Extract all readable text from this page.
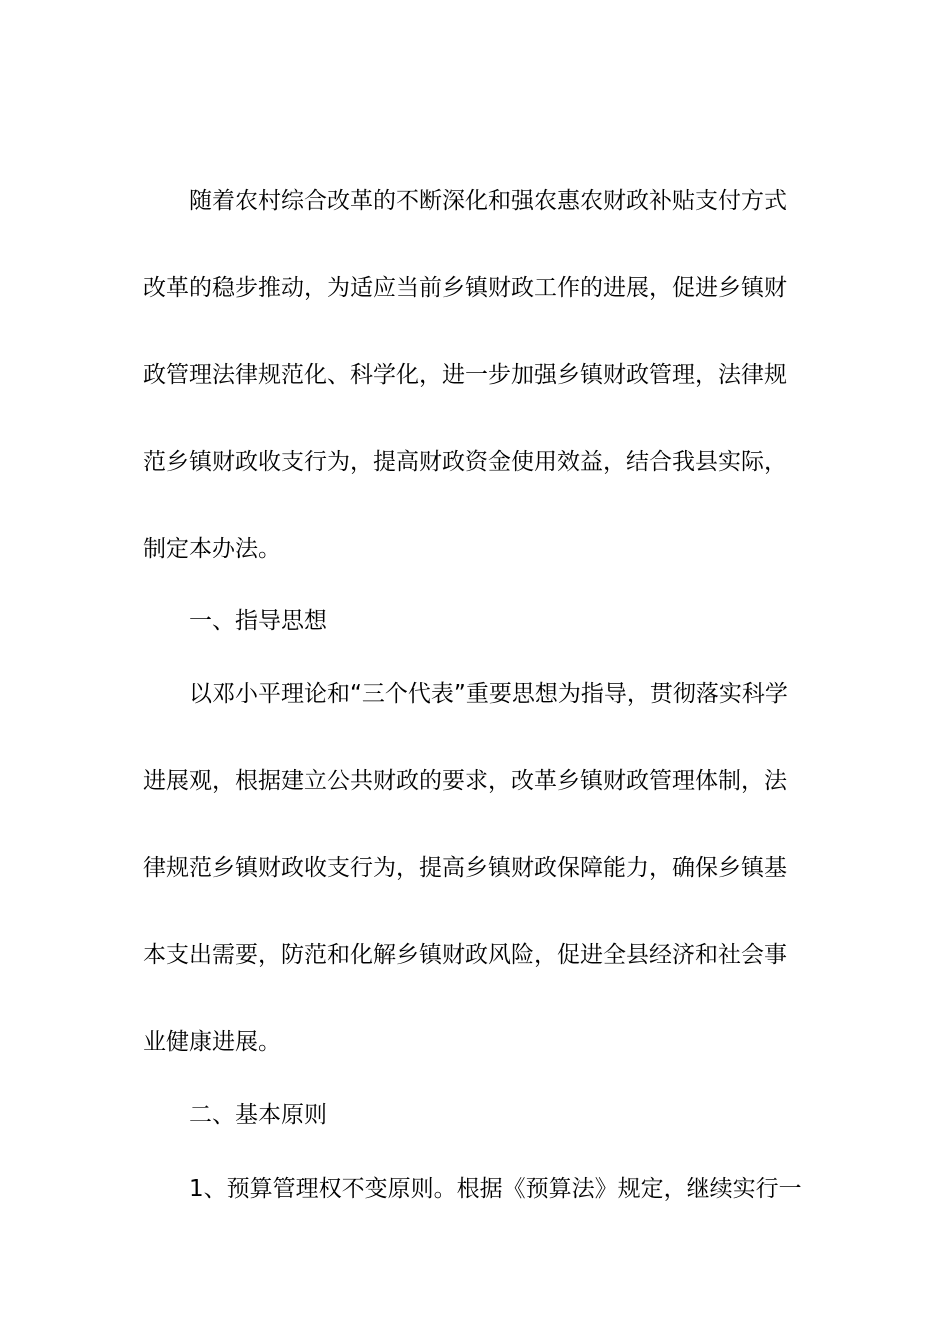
随着农村综合改革的不断深化和强农惠农财政补贴支付方式
改革的稳步推动，为适应当前乡镇财政工作的进展，促进乡镇财
政管理法律规范化、科学化，进一步加强乡镇财政管理，法律规
范乡镇财政收支行为，提高财政资金使用效益，结合我县实际，
制定本办法。
一、指导思想
以邓小平理论和“三个代表”重要思想为指导，贯彻落实科学
进展观，根据建立公共财政的要求，改革乡镇财政管理体制，法
律规范乡镇财政收支行为，提高乡镇财政保障能力，确保乡镇基
本支出需要，防范和化解乡镇财政风险，促进全县经济和社会事
业健康进展。
二、基本原则
1、预算管理权不变原则。根据《预算法》规定，继续实行一
